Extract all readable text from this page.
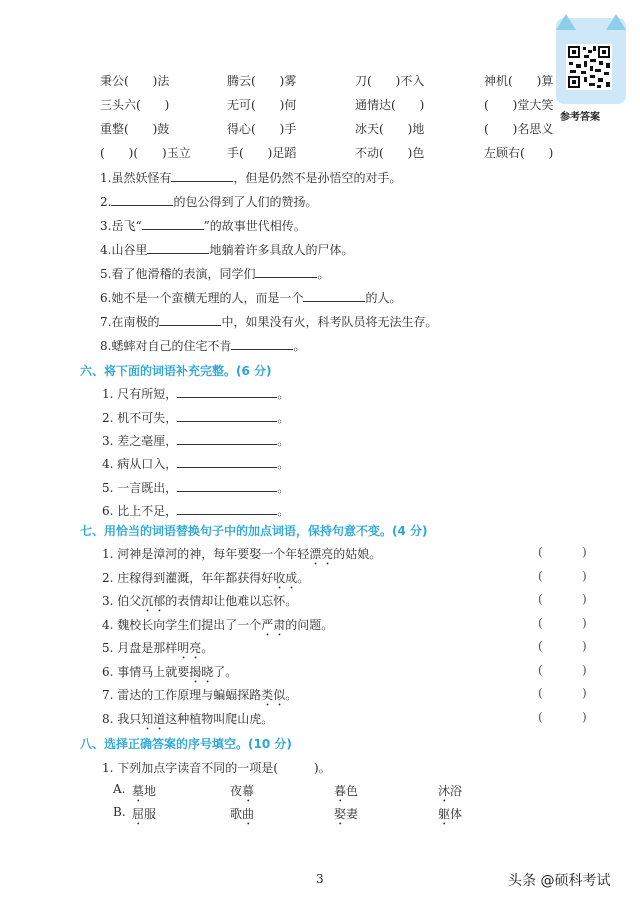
参考答案
秉公(　　)法	腾云(　　)雾	刀(　　)不入	神机(　　)算
三头六(　　)	无可(　　)何	通情达(　　)	(　　)堂大笑
重整(　　)鼓	得心(　　)手	冰天(　　)地	(　　)名思义
(　　)(　　)玉立	手(　　)足蹈	不动(　　)色	左顾右(　　)
1.虽然妖怪有	，但是仍然不是孙悟空的对手。
2.	的包公得到了人们的赞扬。
3.岳飞“	”的故事世代相传。
4.山谷里	地躺着许多具敌人的尸体。
5.看了他滑稽的表演，同学们	。
6.她不是一个蛮横无理的人，而是一个	的人。
7.在南极的	中，如果没有火，科考队员将无法生存。
8.蟋蟀对自己的住宅不肯	。
六、将下面的词语补充完整。(6 分)
1. 尺有所短，	。
2. 机不可失，	。
3. 差之毫厘，	。
4. 病从口入，	。
5. 一言既出，	。
6. 比上不足，	。
七、用恰当的词语替换句子中的加点词语，保持句意不变。(4 分)
1. 河神是漳河的神，每年要娶一个年轻漂亮的姑娘。	(	)
2. 庄稼得到灌溉，年年都获得好收成。	(	)
3. 伯父沉郁的表情却让他难以忘怀。	(	)
4. 魏校长向学生们提出了一个严肃的问题。	(	)
5. 月盘是那样明亮。	(	)
6. 事情马上就要揭晓了。	(	)
7. 雷达的工作原理与蝙蝠探路类似。	(	)
8. 我只知道这种植物叫爬山虎。	(	)
八、选择正确答案的序号填空。(10 分)
1. 下列加点字读音不同的一项是(　　　)。
A. 墓地	夜幕	暮色	沐浴
B. 屈服	歌曲	娶妻	躯体
3	头条 @硕科考试
